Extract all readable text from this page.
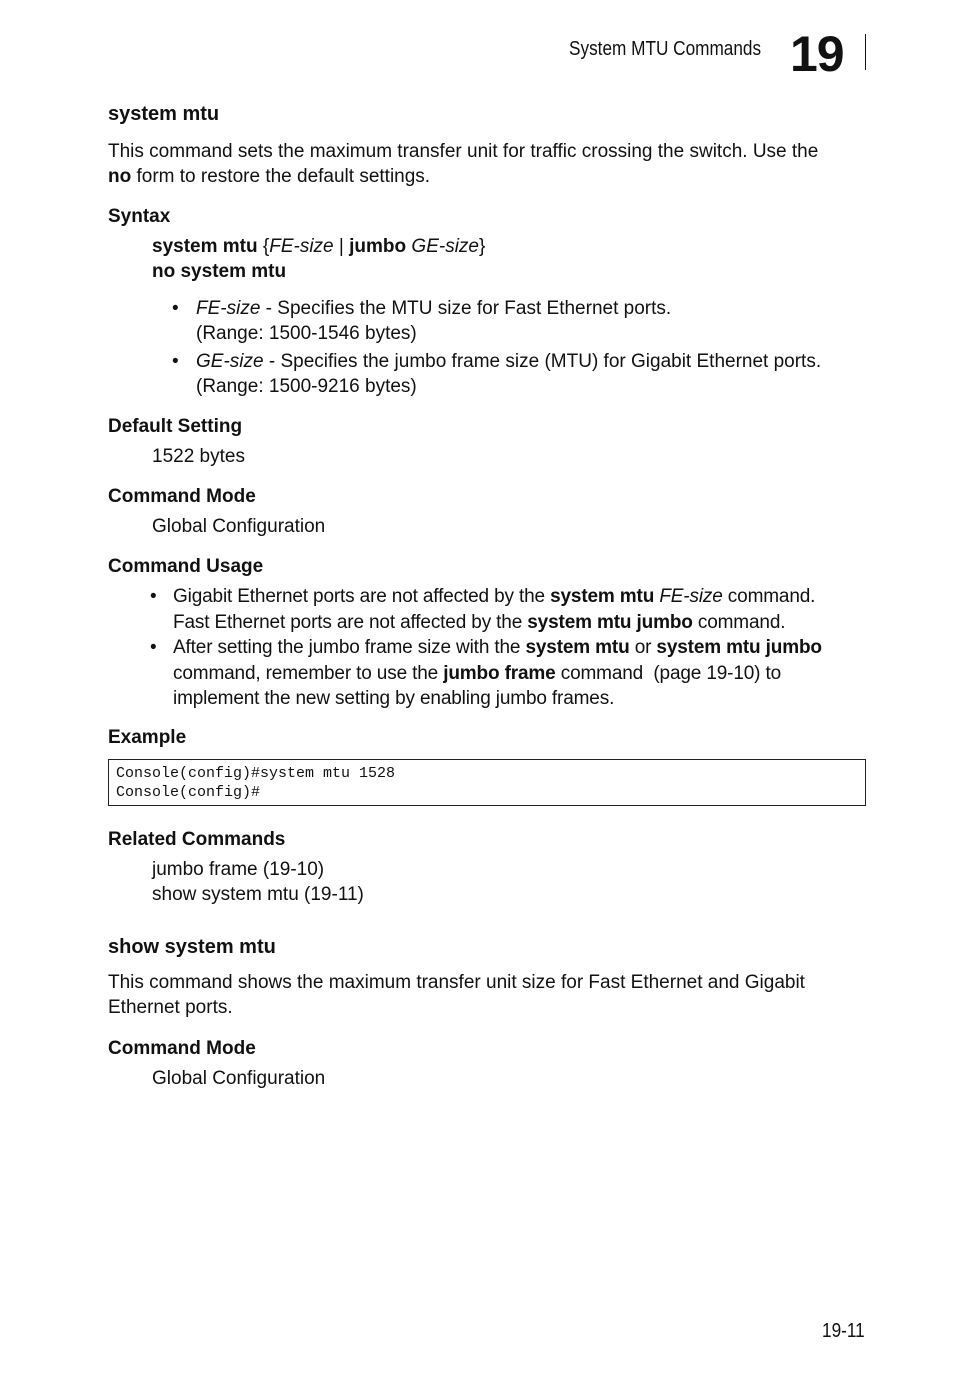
System MTU Commands 19
system mtu
This command sets the maximum transfer unit for traffic crossing the switch. Use the
no form to restore the default settings.
Syntax
system mtu {FE-size | jumbo GE-size}
no system mtu
• FE-size - Specifies the MTU size for Fast Ethernet ports.
(Range: 1500-1546 bytes)
• GE-size - Specifies the jumbo frame size (MTU) for Gigabit Ethernet ports.
(Range: 1500-9216 bytes)
Default Setting
1522 bytes
Command Mode
Global Configuration
Command Usage
• Gigabit Ethernet ports are not affected by the system mtu FE-size command.
Fast Ethernet ports are not affected by the system mtu jumbo command.
• After setting the jumbo frame size with the system mtu or system mtu jumbo
command, remember to use the jumbo frame command  (page 19-10) to
implement the new setting by enabling jumbo frames.
Example
Console(config)#system mtu 1528
Console(config)#
Related Commands
jumbo frame (19-10)
show system mtu (19-11)
show system mtu
This command shows the maximum transfer unit size for Fast Ethernet and Gigabit
Ethernet ports.
Command Mode
Global Configuration
19-11
